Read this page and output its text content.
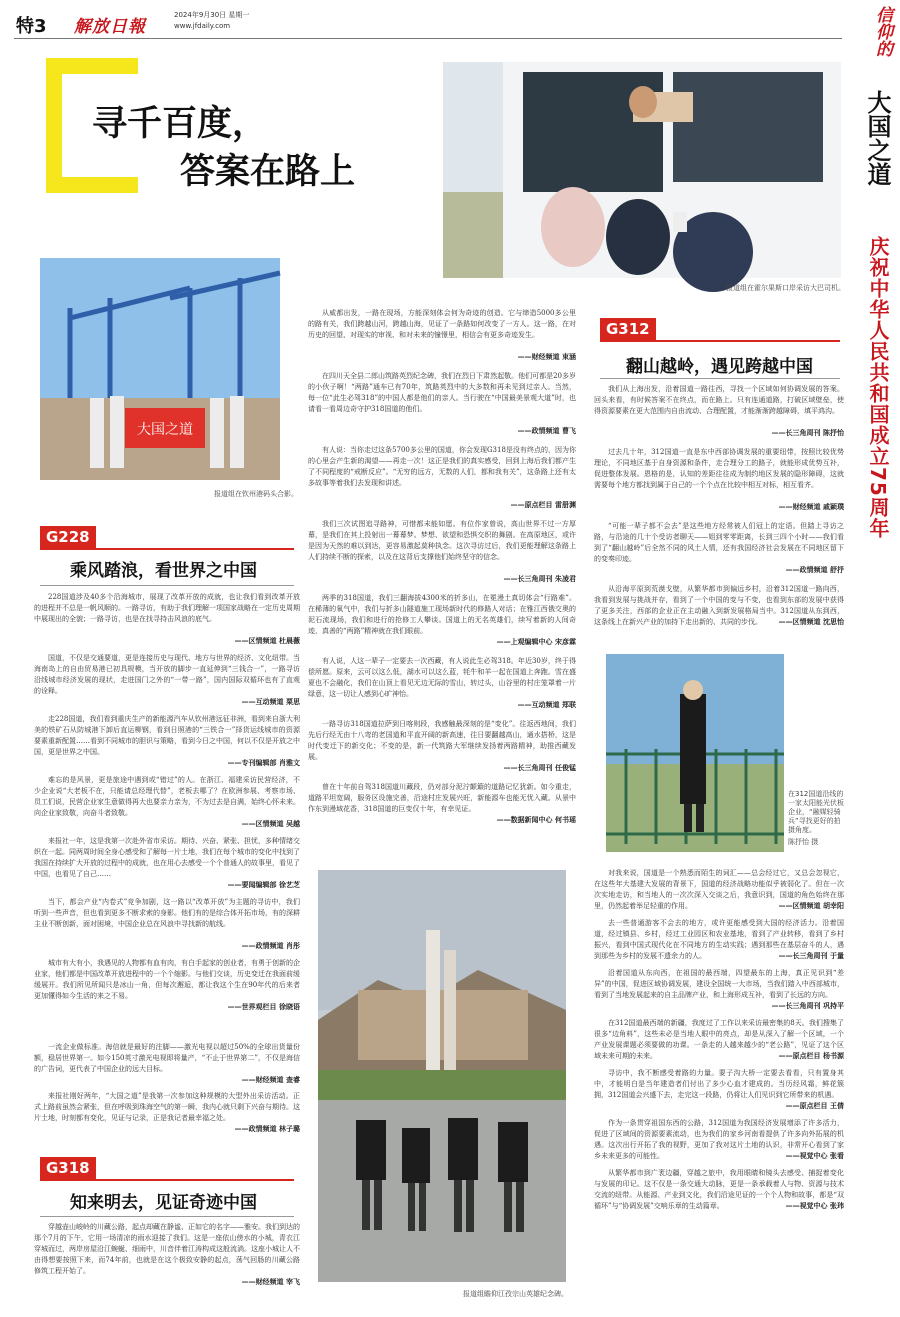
特3 解放日報
2024年9月30日 星期一
www.jfdaily.com	信仰的
大国之道
庆祝中华人民共和国成立75周年
寻千百度，
答案在路上
报道组在霍尔果斯口岸采访大巴司机。
大国之道
报道组在钦州港码头合影。
G228
乘风踏浪，看世界之中国
228国道涉及40多个沿海城市，展现了改革开放的成就，也让我们看到改革开放的进程并不总是一帆风顺的。一路寻访，有助于我们理解一项国家战略在一定历史周期中展现出的全貌；一路寻访，也是在找寻持击风浪的底气。
——区情频道 杜晨薇
国道，不仅是交通要道，更是连接历史与现代、地方与世界的经济、文化纽带。当海南岛上的自由贸易港已初具规模，当开放的脚步一直延伸到“三钱合一”，一路寻访沿线城市经济发展的现状，走进国门之外的“一带一路”，国内国际双循环也有了直观的诠释。
——互动频道 栗思
走228国道，我们看到重庆生产的新能源汽车从钦州港远征非洲，看到来自浙大利美的铁矿石从防城港下卸后直运柳钢，看到日照港的“三铁合一”择货运线城市的资源要素重新配置……看到不同城市的胆识与策略，看到今日之中国，何以不仅是开放之中国，更是世界之中国。
——专刊编辑部 肖雅文
难忘的是风景，更是旅途中遇到或“错过”的人。在浙江、福建采访民营经济，不少企业说“大老板不在，只能请总经理代替”，老板去哪了？在欧洲参展、考察市场、员工们说，民营企业家生意做得再大也要亲力亲为，不为过去是自满，始终心怀未来。向企业家致敬，向奋斗者致敬。
——区情频道 吴越
来报社一年，这是我第一次赴外省市采访。期待、兴奋、紧张、担忧，多种情绪交织在一起。同两周时间全身心感受和了解每一片土地，我们在每个城市的变化中找到了我国在持续扩大开放的过程中的成就，也在用心去感受一个个普通人的故事里，看见了中国，也看见了自己……
——要闻编辑部 徐艺芝
当下，都会产业“内卷式”竞争加剧，这一路以“改革开放”为主题的寻访中，我们听到一些声音，但也看到更多不断求索的身影。他们有的是综合体开拓市场，有的深耕主业不断创新，面对困境，中国企业总在风浪中寻找新的航线。
——政情频道 肖彤
城市有大有小，我遇见的人物都有血有肉，有白手起家的创业者，有勇于创新的企业家，他们都是中国改革开放进程中的一个个缩影。与他们交谈，历史变迁在我面前缓缓展开。我们所见所闻只是冰山一角，但每次邂逅，都让我这个生在90年代的后来者更加懂得如今生活的来之不易。
——世界观栏目 徐晓语
一流企业做标准。海信就是最好的注脚——激光电视以超过50%的全球出货量份额，稳居世界第一。如今150英寸激光电视即将量产，“不止于世界第二”，不仅是海信的广告词，更代表了中国企业的远大目标。
——财经频道 查睿
来报社刚好两年，“大国之道”是我第一次参加这种规模的大型外出采访活动。正式上路前虽然会紧张，但在呼吸到珠海空气的第一瞬，我内心就只剩下兴奋与期待。这片土地，时刻都有变化，见证与记录，正是我记者最幸福之处。
——政情频道 林子璐
G318
知来明去，见证奇迹中国
穿越壶山峻岭的川藏公路，起点却藏在静谧、正如它的名字——雅安。我们到达的那个7月的下午，它用一场清凉的雨水迎接了我们。这是一座依山傍水的小城，青衣江穿城而过，两岸房屋沿江蜿蜒、细雨中，川音伴着江涛构成这般流淌。这座小城让人不由得想要按照下来，而74年前，也就是在这个极致安静的起点，荡气回肠的川藏公路修筑工程开始了。
——财经频道 宰飞
从威都出发，一路在现场，方能深刻体会何为奇迹的创造。它与缔造5000多公里的路有关，我们跨越山河，跨越山海，见证了一条路如何改变了一方人。这一路，在对历史的回望、对现实的审视、和对未来的憧憬里，相信会有更多奇迹发生。
——财经频道 束涵
在四川天全县二郎山筑路英烈纪念碑，我们在烈日下肃然起敬。他们可都是20多岁的小伙子啊！“两路”通车已有70年，筑路英烈中的大多数和再未见到过亲人。当然，每一位“此生必驾318”的中国人都是他们的亲人。当行驶在“中国最美景观大道”时，也请看一看周边奇守护318国道的他们。
——政情频道 曹飞
有人说：当你走过这条5700多公里的国道，你会发现G318是没有终点的，因为你的心里会产生新的渴望——再走一次！这正是我们的真实感受，回到上海后我们都产生了不同程度的“戒断反应”。“无穷的远方，无数的人们，都和我有关”，这条路上还有太多故事等着我们去发现和讲述。
——原点栏目 雷册渊
我们三次试图追寻路神，可惜都未能如愿。有位作家曾说，高山世界不过一方厚幕，是我们在其上投射出一幕幕梦。梦想、欲望和恐惧交织的舞剧。在高原地区，或许是因为天然的难以到达，更容易激起莫种执念。这次寻访过后，我们更能理解这条路上人们持续不断的探索，以及在这背后支撑他们始终坚守的信念。
——长三角周刊 朱凌君
两季的318国道，我们三翻海拔4300米的折多山，在冕漫土真切体会“行路难”。在稀薄的氧气中，我们与折多山隧道施工现场新时代的修路人对话；在雅江西俄交奥的泥石流现场，我们和进行的抢修工人攀谈。国道上的无名英雄们，续写着新的人间奇迹，真善的“两路”精神就在我们眼前。
——上观编辑中心 宋彦霖
有人说，人这一辈子一定要去一次西藏，有人说此生必驾318。年近30岁，终于得偿所愿。原来，云可以这么低，湖水可以这么蓝，牦牛和羊一起在国道上奔跑。雪在盛夏也不会融化，我们在山顶上看见无边无际的雪山，转过头，山谷里的村庄笼罩着一片绿意，这一切让人感到心旷神怡。
——互动频道 郑联
一路寻访318国道拉萨到日喀则段，我感触最深刻的是“变化”。往返西地间，我们先后行经无由十八弯的老国道和平直开阔的新高速，往日要翻越高山，通水搭桥，这是时代变迁下的新交化；不变的是，新一代筑路大军继续发扬着两路精神，助推西藏发展。
——长三角周刊 任俊锰
曾在十年前自驾318国道川藏段，仍对部分泥泞颠簸的道路记忆犹新。如今重走，道路平坦宽阔，服务区设施完善，沿途村庄发展兴旺，新能源车也能无忧入藏。从景中作东到漫域花香，318国道的巨变仅十年，有幸见证。
——数据新闻中心 何书瑶
报道组瞻仰江孜宗山英雄纪念碑。
G312
翻山越岭，遇见跨越中国
我们从上海出发，沿着国道一路往西，寻找一个区域如何协调发展的答案。回头来看，有时候答案不在终点，而在路上。只有连通道路，打破区域壁垒，使得资源要素在更大范围内自由流动、合理配置，才能渐渐跨越障碍，填平鸿沟。
——长三角周刊 陈抒怡
过去几十年，312国道一直是东中西部协调发展的重要纽带，按照比较优势理论，不同地区基于自身资源和条件，走合理分工的路子，就能形成优势互补，促进整体发展。恩格的是，认知的差距往往成为制约地区发展的隐形障碍，这就需要每个地方都找到属于自己的一个个点在比较中相互对标，相互看齐。
——财经频道 戚颖璞
“可能一辈子都不会去”是这些地方经常被人们冠上的定语。但踏上寻访之路，与沿途的几十个受访者聊天——姐到零零距离，长到三四个小时——我们看到了“翻山越岭”后全然不同的风土人情，还有我国经济社会发展在不同地区留下的变奏印迹。
——政情频道 舒抒
从沿海平原到荒漠戈壁，从繁华都市到偏远乡村，沿着312国道一路向西，我看到发展与挑战并存，看到了一个中国的变与不变，也看到东部的发展中获得了更多关注，西部的企业正在主动融入到新发展格局当中。312国道从东到西，这条线上在新兴产业的加持下走出新的、共同的步伐。	——区情频道 沈思怡
在312国道沿线的一家太阳能光伏板企业，“融媒轻骑兵”寻找更好的拍摄角度。
陈抒怡 摄
对我来说，国道是一个熟悉而陌生的词汇——总会经过它，又总会忽视它，在这些年大基建大发展的背景下，国道的经济战略功能似乎被弱化了。但在一次次实地走访，和当地人的一次次深入交谈之后，我意识到，国道的角色始终在那里，仍然起着举足轻重的作用。	——区情频道 胡幸阳
去一些普通游客不会去的地方，或许更能感受到大国的经济活力。沿着国道，经过镇县、乡村，经过工业园区和农业基地，看到了产业转移，看到了乡村振兴，看到中国式现代化在不同地方的生动实践；遇到那些在基层奋斗的人，遇到那些为乡村的发展不遗余力的人。	——长三角周刊 于量
沿着国道从东向西，在祖国的最西端，四望最东的上海，真正见识到“差异”的中国，促进区域协调发展，建设全国统一大市场，当我们踏入中西部城市，看到了当地发展起来的自主品牌产业，和上海形成互补，看到了长远的方向。
——长三角周刊 巩持平
在312国道最西端的新疆，我度过了工作以来采访最密集的8天。我们搜集了很多“边角料”，这些未必是当地人眼中的亮点，却是从深入了解一个区域，一个产业发展课题必须要做的功课。一条走的人越来越少的“老公路”，见证了这个区域未来可期的未来。	——原点栏目 杨书源
寻访中，我不断感受着路的力量。要子沟大桥一定要去看看，只有置身其中，才能明白是当年建造者们付出了多少心血才建成的。当历经风霜，鲜花簇拥，312国道会兴盛下去，走完这一段路，仍将让人们见识到它所带来的机遇。
——原点栏目 王倩
作为一条贯穿祖国东西的公路，312国道为我国经济发展增添了许多活力，促进了区域间的资源要素流动，也为我们的家乡河南看提供了许多向外拓展的机遇。这次出行开拓了我的视野，更加了我对这片土地的认识，非常开心看到了家乡未来更多的可能性。	——视觉中心 张看
从繁华都市到广袤边疆，穿越之旅中，我用眼睛和镜头去感受、捕捉着变化与发展的印记。这不仅是一条交通大动脉，更是一条承载着人与物、资源与技术交流的纽带。从能源、产业到文化，我们沿途见证的一个个人物和故事，都是“双循环”与“协调发展”交响乐章的生动篇章。	——视觉中心 张玮
